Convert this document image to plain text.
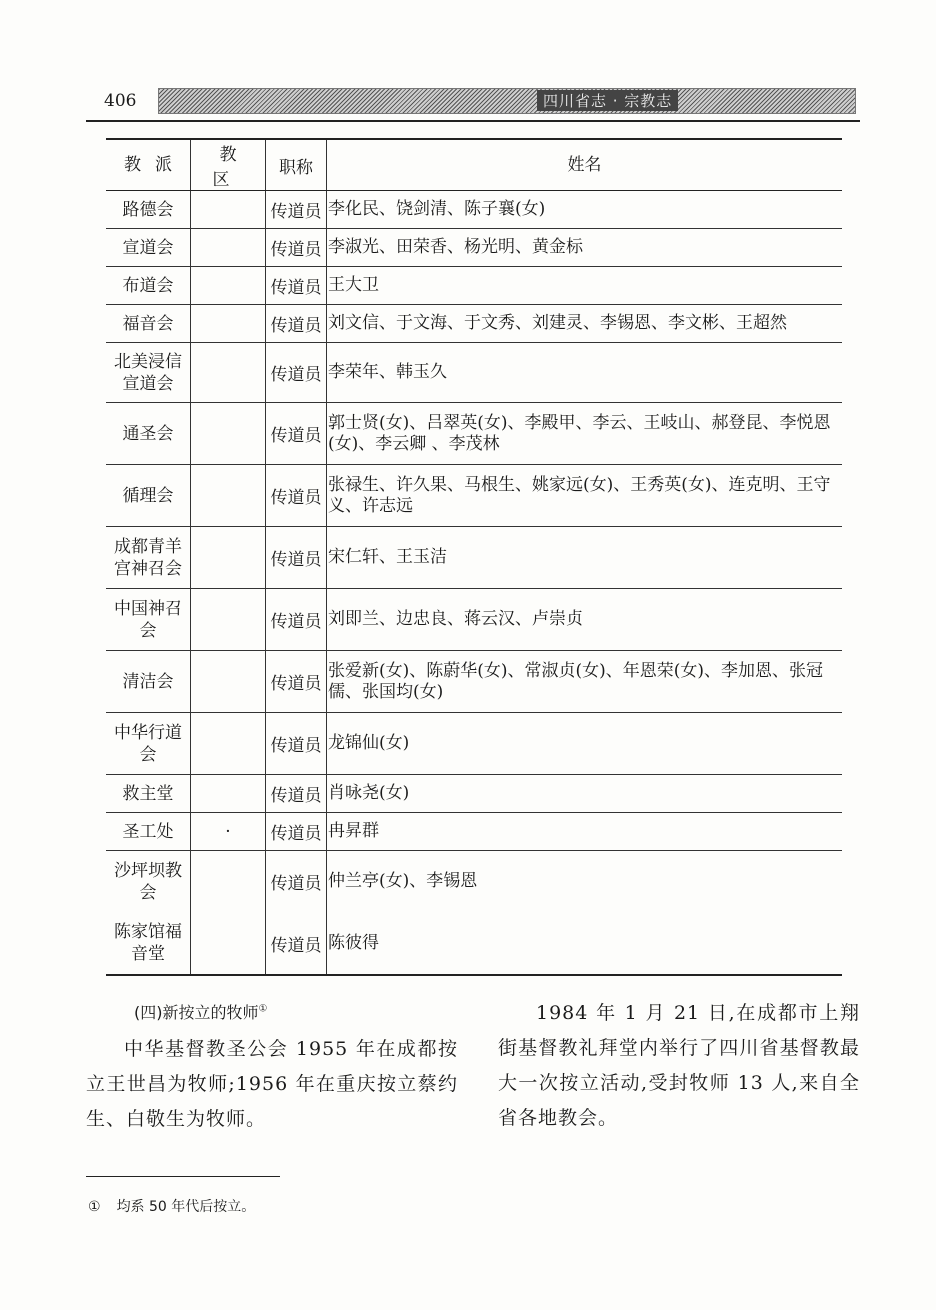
406	四川省志 · 宗教志
教派	教区	职称	姓名
路德会		传道员	李化民、饶剑清、陈子襄(女)
宣道会		传道员	李淑光、田荣香、杨光明、黄金标
布道会		传道员	王大卫
福音会		传道员	刘文信、于文海、于文秀、刘建灵、李锡恩、李文彬、王超然
北美浸信宣道会		传道员	李荣年、韩玉久
通圣会		传道员	郭士贤(女)、吕翠英(女)、李殿甲、李云、王岐山、郝登昆、李悦恩(女)、李云卿 、李茂林
循理会		传道员	张禄生、许久果、马根生、姚家远(女)、王秀英(女)、连克明、王守义、许志远
成都青羊宫神召会		传道员	宋仁轩、王玉洁
中国神召会		传道员	刘即兰、边忠良、蒋云汉、卢崇贞
清洁会		传道员	张爱新(女)、陈蔚华(女)、常淑贞(女)、年恩荣(女)、李加恩、张冠儒、张国均(女)
中华行道会		传道员	龙锦仙(女)
救主堂		传道员	肖咏尧(女)
圣工处	·	传道员	冉昇群
沙坪坝教会		传道员	仲兰亭(女)、李锡恩
陈家馆福音堂		传道员	陈彼得
(四)新按立的牧师①
中华基督教圣公会 1955 年在成都按立王世昌为牧师;1956 年在重庆按立蔡约生、白敬生为牧师。
1984 年 1 月 21 日,在成都市上翔街基督教礼拜堂内举行了四川省基督教最大一次按立活动,受封牧师 13 人,来自全省各地教会。
① 均系 50 年代后按立。
